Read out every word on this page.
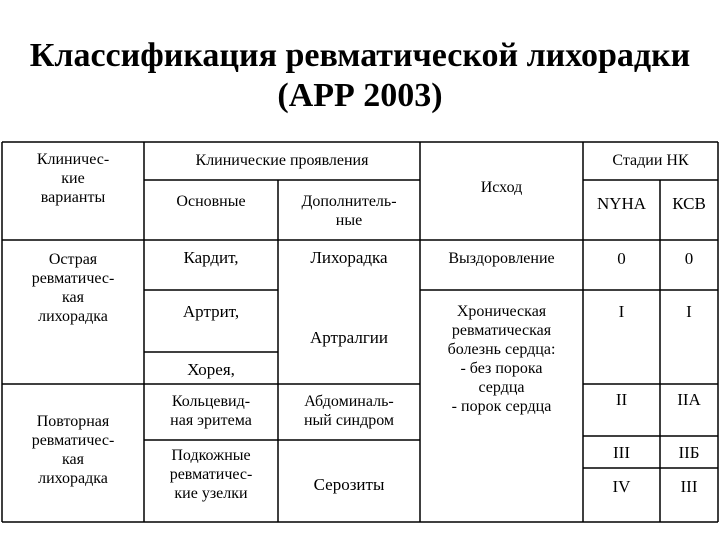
Классификация ревматической лихорадки
(АРР 2003)
Клиничес-
кие
варианты
Клинические проявления
Основные	Дополнитель-
ные
Исход
Стадии НК
NYHA	КСВ
Острая
ревматичес-
кая
лихорадка
Повторная
ревматичес-
кая
лихорадка
Кардит,
Артрит,
Хорея,
Кольцевид-
ная эритема
Подкожные
ревматичес-
кие узелки
Лихорадка
Артралгии
Абдоминаль-
ный синдром
Серозиты
Выздоровление
Хроническая
ревматическая
болезнь сердца:
- без порока
сердца
- порок сердца
0
I
II
III
IV
0
I
IIA
IIБ
III
